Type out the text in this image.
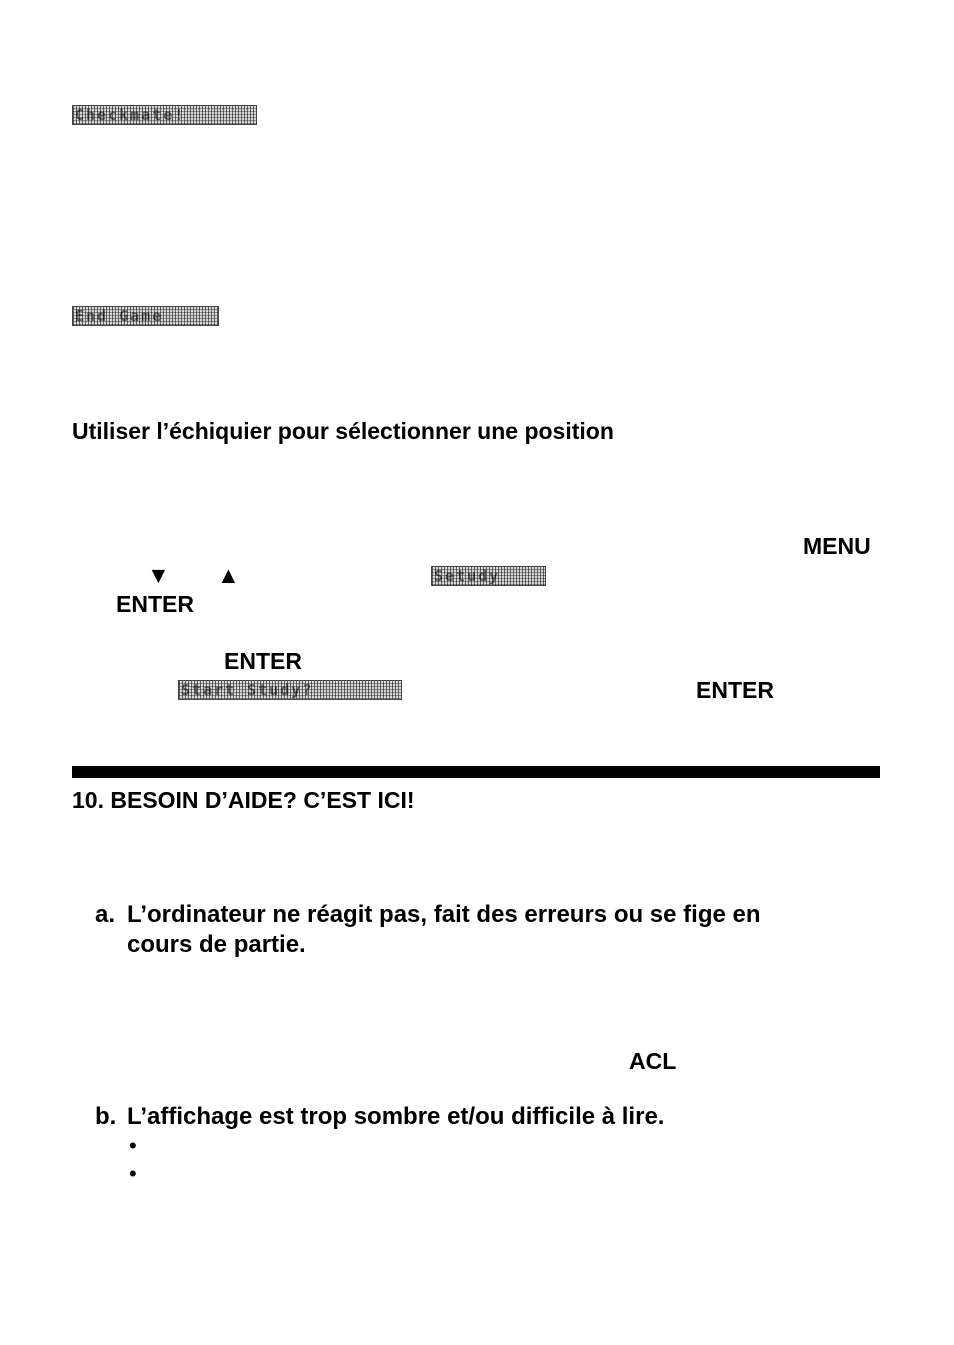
Checkmate!
End Game
Utiliser l’échiquier pour sélectionner une position
MENU
▼ ▲	Setudy
ENTER
ENTER
Start Study?	ENTER
10. BESOIN D’AIDE? C’EST ICI!
a. L’ordinateur ne réagit pas, fait des erreurs ou se fige en
cours de partie.
ACL
b. L’affichage est trop sombre et/ou difficile à lire.
•
•
